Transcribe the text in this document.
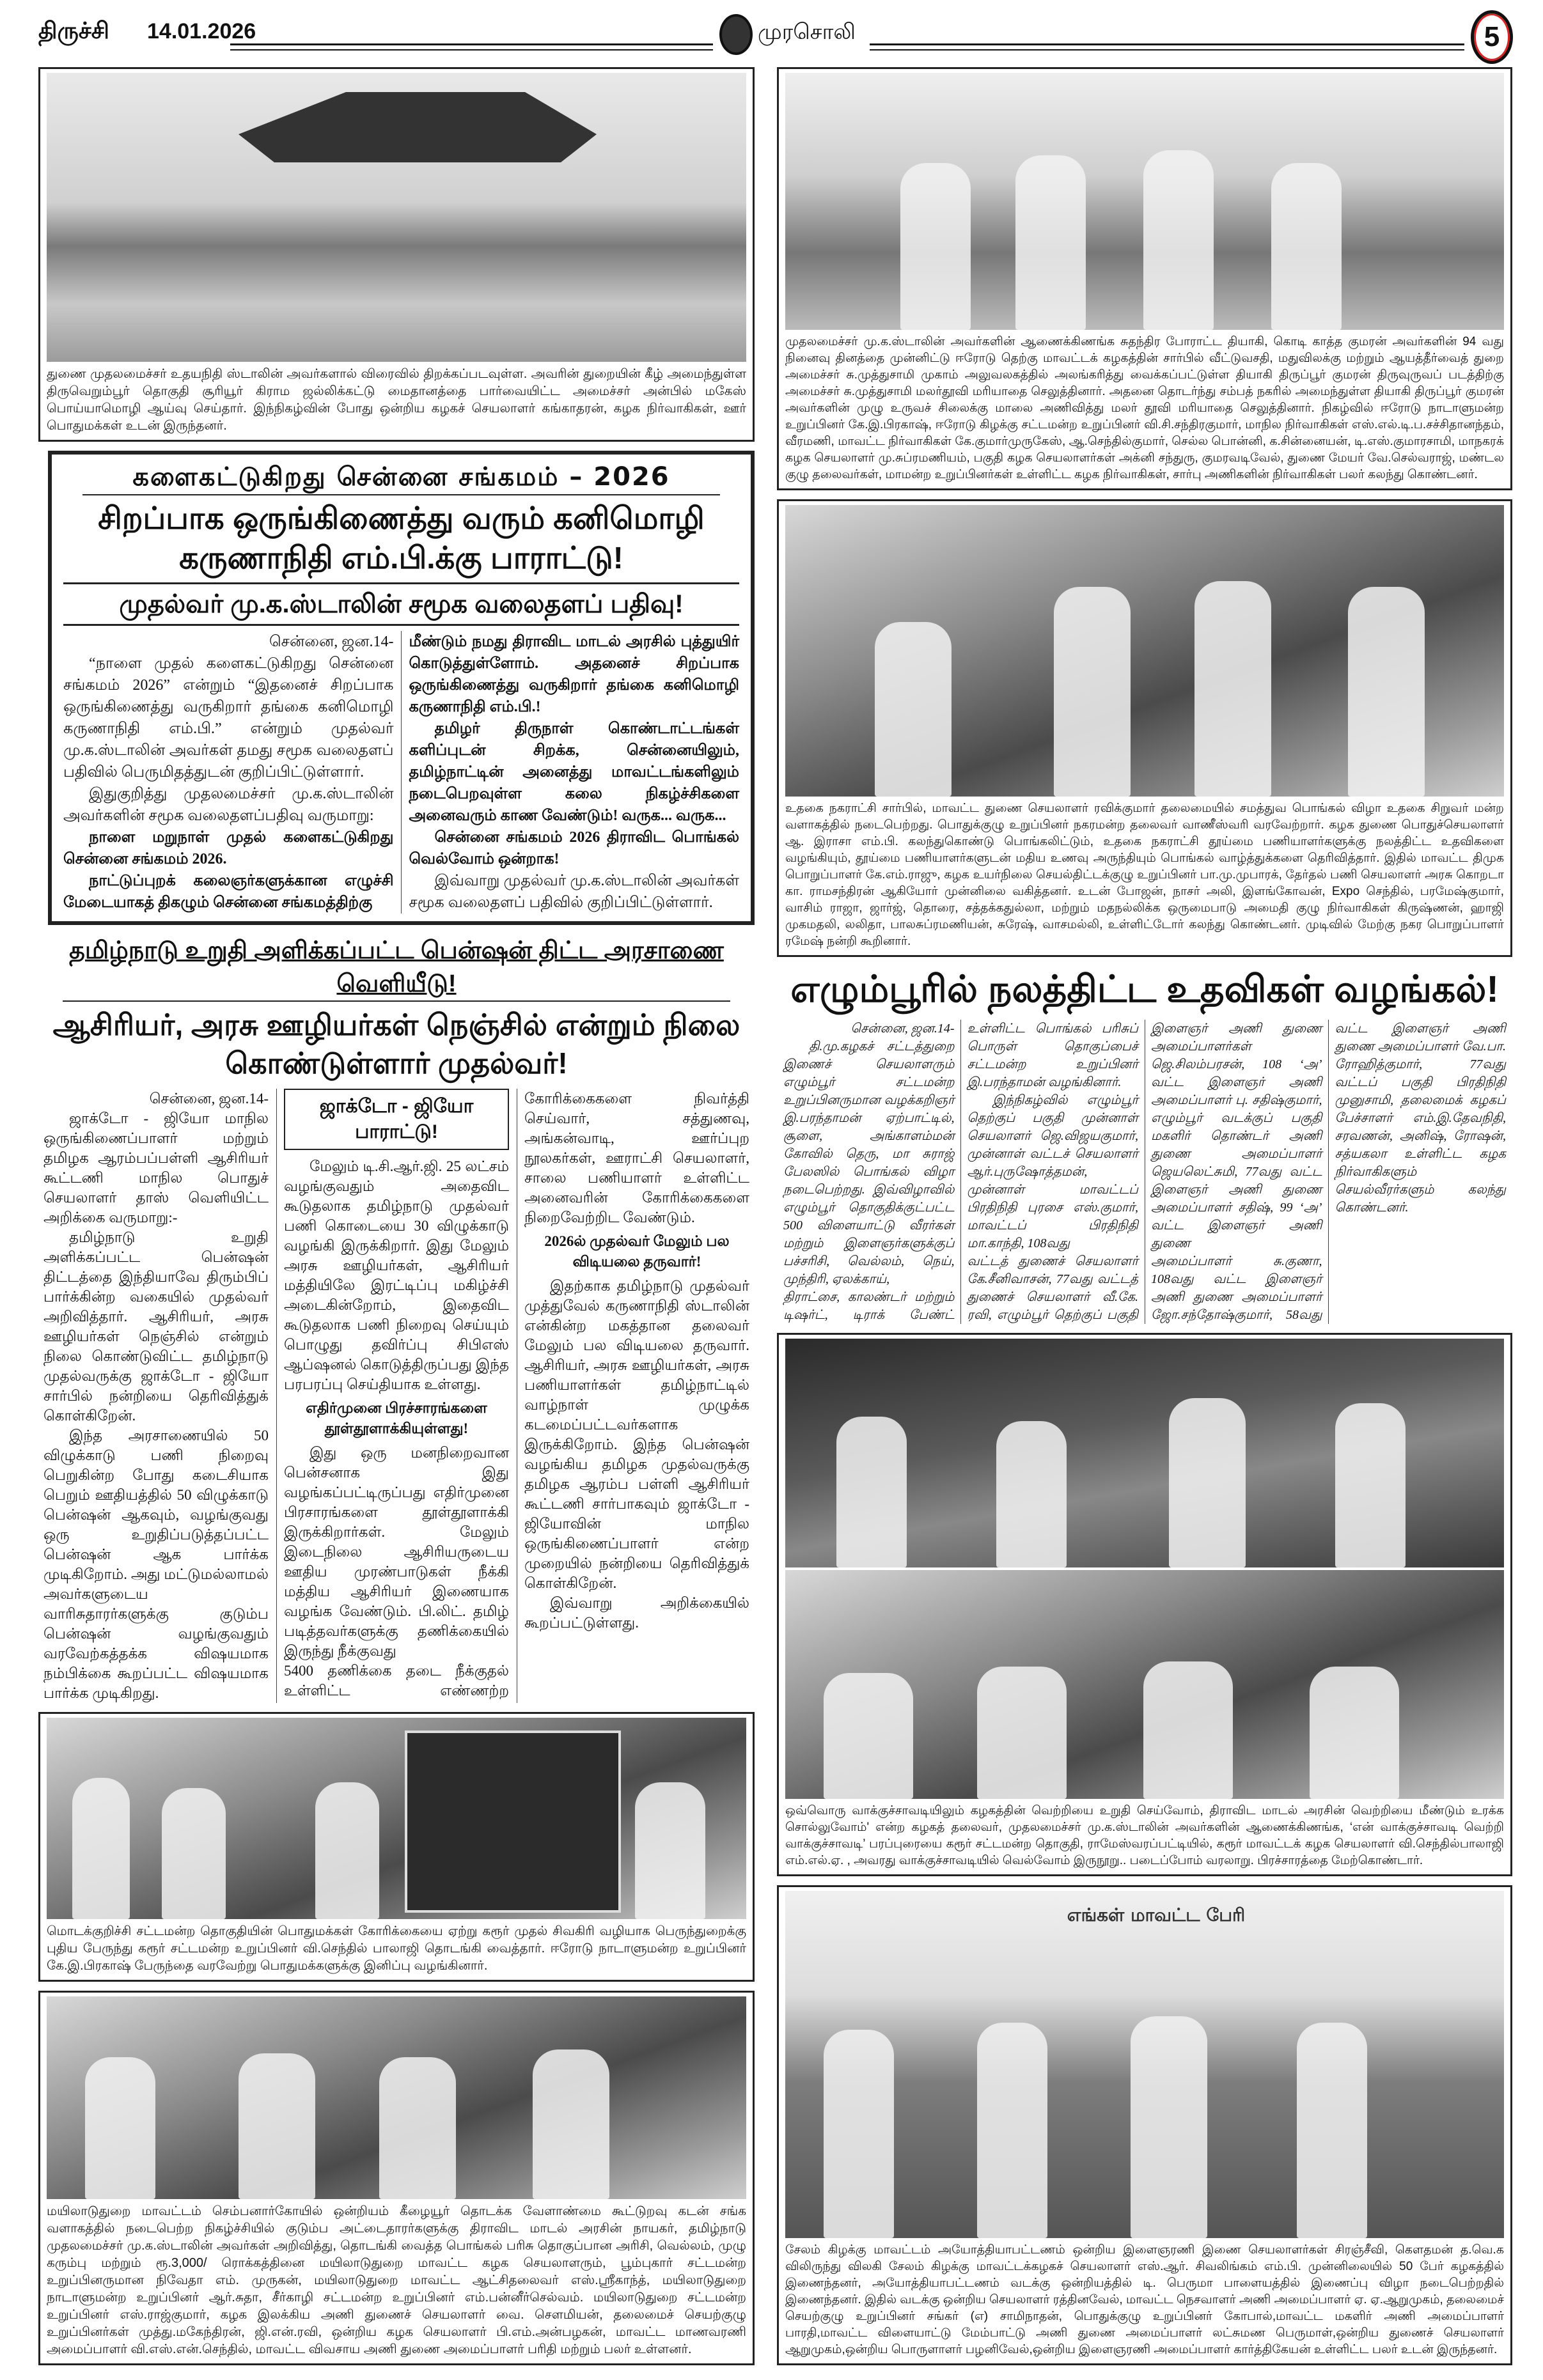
திருச்சி 14.01.2026	முரசொலி	5
துணை முதலமைச்சர் உதயநிதி ஸ்டாலின் அவர்களால் விரைவில் திறக்கப்படவுள்ள. அவரின் துறையின் கீழ் அமைந்துள்ள திருவெறும்பூர் தொகுதி சூரியூர் கிராம ஜல்லிக்கட்டு மைதானத்தை பார்வையிட்ட அமைச்சர் அன்பில் மகேஸ் பொய்யாமொழி ஆய்வு செய்தார். இந்நிகழ்வின் போது ஒன்றிய கழகச் செயலாளர் கங்காதரன், கழக நிர்வாகிகள், ஊர் பொதுமக்கள் உடன் இருந்தனர்.
களைகட்டுகிறது சென்னை சங்கமம் – 2026
சிறப்பாக ஒருங்கிணைத்து வரும் கனிமொழி கருணாநிதி எம்.பி.க்கு பாராட்டு!
முதல்வர் மு.க.ஸ்டாலின் சமூக வலைதளப் பதிவு!

சென்னை, ஜன.14-

“நாளை முதல் களைகட்டுகிறது சென்னை சங்கமம் 2026” என்றும் “இதனைச் சிறப்பாக ஒருங்கிணைத்து வருகிறார் தங்கை கனிமொழி கருணாநிதி எம்.பி.” என்றும் முதல்வர் மு.க.ஸ்டாலின் அவர்கள் தமது சமூக வலைதளப் பதிவில் பெருமிதத்துடன் குறிப்பிட்டுள்ளார்.

இதுகுறித்து முதலமைச்சர் மு.க.ஸ்டாலின் அவர்களின் சமூக வலைதளப்பதிவு வருமாறு:

நாளை மறுநாள் முதல் களைகட்டுகிறது சென்னை சங்கமம் 2026.

நாட்டுப்புறக் கலைஞர்களுக்கான எழுச்சி மேடையாகத் திகழும் சென்னை சங்கமத்திற்கு

மீண்டும் நமது திராவிட மாடல் அரசில் புத்துயிர் கொடுத்துள்ளோம். அதனைச் சிறப்பாக ஒருங்கிணைத்து வருகிறார் தங்கை கனிமொழி கருணாநிதி எம்.பி.!

தமிழர் திருநாள் கொண்டாட்டங்கள் களிப்புடன் சிறக்க, சென்னையிலும், தமிழ்நாட்டின் அனைத்து மாவட்டங்களிலும் நடைபெறவுள்ள கலை நிகழ்ச்சிகளை அனைவரும் காண வேண்டும்! வருக... வருக...

சென்னை சங்கமம் 2026 திராவிட பொங்கல் வெல்வோம் ஒன்றாக!

இவ்வாறு முதல்வர் மு.க.ஸ்டாலின் அவர்கள் சமூக வலைதளப் பதிவில் குறிப்பிட்டுள்ளார்.

தமிழ்நாடு உறுதி அளிக்கப்பட்ட பென்ஷன் திட்ட அரசாணை வெளியீடு!
ஆசிரியர், அரசு ஊழியர்கள் நெஞ்சில் என்றும் நிலை கொண்டுள்ளார் முதல்வர்!

சென்னை, ஜன.14-

ஜாக்டோ - ஜியோ மாநில ஒருங்கிணைப்பாளர் மற்றும் தமிழக ஆரம்பப்பள்ளி ஆசிரியர் கூட்டணி மாநில பொதுச் செயலாளர் தாஸ் வெளியிட்ட அறிக்கை வருமாறு:-

தமிழ்நாடு உறுதி அளிக்கப்பட்ட பென்ஷன் திட்டத்தை இந்தியாவே திரும்பிப் பார்க்கின்ற வகையில் முதல்வர் அறிவித்தார். ஆசிரியர், அரசு ஊழியர்கள் நெஞ்சில் என்றும் நிலை கொண்டுவிட்ட தமிழ்நாடு முதல்வருக்கு ஜாக்டோ - ஜியோ சார்பில் நன்றியை தெரிவித்துக் கொள்கிறேன்.

இந்த அரசாணையில் 50 விழுக்காடு பணி நிறைவு பெறுகின்ற போது கடைசியாக பெறும் ஊதியத்தில் 50 விழுக்காடு பென்ஷன் ஆகவும், வழங்குவது ஒரு உறுதிப்படுத்தப்பட்ட பென்ஷன் ஆக பார்க்க முடிகிறோம். அது மட்டுமல்லாமல் அவர்களுடைய வாரிசுதாரர்களுக்கு குடும்ப பென்ஷன் வழங்குவதும் வரவேற்கத்தக்க விஷயமாக நம்பிக்கை கூறப்பட்ட விஷயமாக பார்க்க முடிகிறது.

ஜாக்டோ - ஜியோ பாராட்டு!

மேலும் டி.சி.ஆர்.ஜி. 25 லட்சம் வழங்குவதும் அதைவிட கூடுதலாக தமிழ்நாடு முதல்வர் பணி கொடையை 30 விழுக்காடு வழங்கி இருக்கிறார். இது மேலும் அரசு ஊழியர்கள், ஆசிரியர் மத்தியிலே இரட்டிப்பு மகிழ்ச்சி அடைகின்றோம், இதைவிட கூடுதலாக பணி நிறைவு செய்யும் பொழுது தவிர்ப்பு சிபிஎஸ் ஆப்ஷனல் கொடுத்திருப்பது இந்த பரபரப்பு செய்தியாக உள்ளது.

எதிர்முனை பிரச்சாரங்களை தூள்தூளாக்கியுள்ளது!

இது ஒரு மனநிறைவான பென்சனாக இது வழங்கப்பட்டிருப்பது எதிர்முனை பிரசாரங்களை தூள்தூளாக்கி இருக்கிறார்கள். மேலும் இடைநிலை ஆசிரியருடைய ஊதிய முரண்பாடுகள் நீக்கி மத்திய ஆசிரியர் இணையாக வழங்க வேண்டும். பி.லிட். தமிழ் படித்தவர்களுக்கு தணிக்கையில் இருந்து நீக்குவது

5400 தணிக்கை தடை நீக்குதல் உள்ளிட்ட எண்ணற்ற கோரிக்கைகளை நிவர்த்தி செய்வார், சத்துணவு, அங்கன்வாடி, ஊர்ப்புற நூலகர்கள், ஊராட்சி செயலாளர், சாலை பணியாளர் உள்ளிட்ட அனைவரின் கோரிக்கைகளை நிறைவேற்றிட வேண்டும்.

2026ல் முதல்வர் மேலும் பல விடியலை தருவார்!

இதற்காக தமிழ்நாடு முதல்வர் முத்துவேல் கருணாநிதி ஸ்டாலின் என்கின்ற மகத்தான தலைவர் மேலும் பல விடியலை தருவார். ஆசிரியர், அரசு ஊழியர்கள், அரசு பணியாளர்கள் தமிழ்நாட்டில் வாழ்நாள் முழுக்க கடமைப்பட்டவர்களாக இருக்கிறோம். இந்த பென்ஷன் வழங்கிய தமிழக முதல்வருக்கு தமிழக ஆரம்ப பள்ளி ஆசிரியர் கூட்டணி சார்பாகவும் ஜாக்டோ - ஜியோவின் மாநில ஒருங்கிணைப்பாளர் என்ற முறையில் நன்றியை தெரிவித்துக் கொள்கிறேன்.

இவ்வாறு அறிக்கையில் கூறப்பட்டுள்ளது.

மொடக்குறிச்சி சட்டமன்ற தொகுதியின் பொதுமக்கள் கோரிக்கையை ஏற்று கரூர் முதல் சிவகிரி வழியாக பெருந்துறைக்கு புதிய பேருந்து கரூர் சட்டமன்ற உறுப்பினர் வி.செந்தில் பாலாஜி தொடங்கி வைத்தார். ஈரோடு நாடாளுமன்ற உறுப்பினர் கே.இ.பிரகாஷ் பேருந்தை வரவேற்று பொதுமக்களுக்கு இனிப்பு வழங்கினார்.
மயிலாடுதுறை மாவட்டம் செம்பனார்கோயில் ஒன்றியம் கீழையூர் தொடக்க வேளாண்மை கூட்டுறவு கடன் சங்க வளாகத்தில் நடைபெற்ற நிகழ்ச்சியில் குடும்ப அட்டைதாரர்களுக்கு திராவிட மாடல் அரசின் நாயகர், தமிழ்நாடு முதலமைச்சர் மு.க.ஸ்டாலின் அவர்கள் அறிவித்து, தொடங்கி வைத்த பொங்கல் பரிசு தொகுப்பான அரிசி, வெல்லம், முழு கரும்பு மற்றும் ரூ.3,000/ ரொக்கத்தினை மயிலாடுதுறை மாவட்ட கழக செயலாளரும், பூம்புகார் சட்டமன்ற உறுப்பினருமான நிவேதா எம். முருகன், மயிலாடுதுறை மாவட்ட ஆட்சிதலைவர் எஸ்.ஸ்ரீகாந்த், மயிலாடுதுறை நாடாளுமன்ற உறுப்பினர் ஆர்.சுதா, சீர்காழி சட்டமன்ற உறுப்பினர் எம்.பன்னீர்செல்வம். மயிலாடுதுறை சட்டமன்ற உறுப்பினர் எஸ்.ராஜ்குமார், கழக இலக்கிய அணி துணைச் செயலாளர் வை. சௌமியன், தலைமைச் செயற்குழு உறுப்பினர்கள் முத்து.மகேந்திரன், ஜி.என்.ரவி, ஒன்றிய கழக செயலாளர் பி.எம்.அன்பழகன், மாவட்ட மாணவரணி அமைப்பாளர் வி.எஸ்.என்.செந்தில், மாவட்ட விவசாய அணி துணை அமைப்பாளர் பரிதி மற்றும் பலர் உள்ளனர்.
முதலமைச்சர் மு.க.ஸ்டாலின் அவர்களின் ஆணைக்கிணங்க சுதந்திர போராட்ட தியாகி, கொடி காத்த குமரன் அவர்களின் 94 வது நினைவு தினத்தை முன்னிட்டு ஈரோடு தெற்கு மாவட்டக் கழகத்தின் சார்பில் வீட்டுவசதி, மதுவிலக்கு மற்றும் ஆயத்தீர்வைத் துறை அமைச்சர் சு.முத்துசாமி முகாம் அலுவலகத்தில் அலங்கரித்து வைக்கப்பட்டுள்ள தியாகி திருப்பூர் குமரன் திருவுருவப் படத்திற்கு அமைச்சர் சு.முத்துசாமி மலர்தூவி மரியாதை செலுத்தினார். அதனை தொடர்ந்து சம்பத் நகரில் அமைந்துள்ள தியாகி திருப்பூர் குமரன் அவர்களின் முழு உருவச் சிலைக்கு மாலை அணிவித்து மலர் தூவி மரியாதை செலுத்தினார். நிகழ்வில் ஈரோடு நாடாளுமன்ற உறுப்பினர் கே.இ.பிரகாஷ், ஈரோடு கிழக்கு சட்டமன்ற உறுப்பினர் வி.சி.சந்திரகுமார், மாநில நிர்வாகிகள் எஸ்.எல்.டி.ப.சச்சிதானந்தம், வீரமணி, மாவட்ட நிர்வாகிகள் கே.குமார்முருகேஸ், ஆ.செந்தில்குமார், செல்ல பொன்னி, க.சின்னையன், டி.எஸ்.குமாரசாமி, மாநகரக் கழக செயலாளர் மு.சுப்ரமணியம், பகுதி கழக செயலாளர்கள் அக்னி சந்துரு, குமரவடிவேல், துணை மேயர் வே.செல்வராஜ், மண்டல குழு தலைவர்கள், மாமன்ற உறுப்பினர்கள் உள்ளிட்ட கழக நிர்வாகிகள், சார்பு அணிகளின் நிர்வாகிகள் பலர் கலந்து கொண்டனர்.
உதகை நகராட்சி சார்பில், மாவட்ட துணை செயலாளர் ரவிக்குமார் தலைமையில் சமத்துவ பொங்கல் விழா உதகை சிறுவர் மன்ற வளாகத்தில் நடைபெற்றது. பொதுக்குழு உறுப்பினர் நகரமன்ற தலைவர் வாணீஸ்வரி வரவேற்றார். கழக துணை பொதுச்செயலாளர் ஆ. இராசா எம்.பி. கலந்துகொண்டு பொங்கலிட்டும், உதகை நகராட்சி தூய்மை பணியாளர்களுக்கு நலத்திட்ட உதவிகளை வழங்கியும், தூய்மை பணியாளர்களுடன் மதிய உணவு அருந்தியும் பொங்கல் வாழ்த்துக்களை தெரிவித்தார். இதில் மாவட்ட திமுக பொறுப்பாளர் கே.எம்.ராஜு, கழக உயர்நிலை செயல்திட்டக்குழு உறுப்பினர் பா.மு.முபாரக், தேர்தல் பணி செயலாளர் அரசு கொறடா கா. ராமசந்திரன் ஆகியோர் முன்னிலை வகித்தனர். உடன் போஜன், நாசர் அலி, இளங்கோவன், Expo செந்தில், பரமேஷ்குமார், வாசிம் ராஜா, ஜார்ஜ், தொரை, சத்தக்கதுல்லா, மற்றும் மதநல்லிக்க ஒருமைபாடு அமைதி குழு நிர்வாகிகள் கிருஷ்ணன், ஹாஜி முகமதலி, லலிதா, பாலசுப்ரமணியன், சுரேஷ், வாசமல்லி, உள்ளிட்டோர் கலந்து கொண்டனர். முடிவில் மேற்கு நகர பொறுப்பாளர் ரமேஷ் நன்றி கூறினார்.
எழும்பூரில் நலத்திட்ட உதவிகள் வழங்கல்!

சென்னை, ஜன.14-

தி.மு.கழகச் சட்டத்துறை இணைச் செயலாளரும் எழும்பூர் சட்டமன்ற உறுப்பினருமான வழக்கறிஞர் இ.பரந்தாமன் ஏற்பாட்டில், சூளை, அங்காளம்மன் கோவில் தெரு, மா சுராஜ் பேலஸில் பொங்கல் விழா நடைபெற்றது. இவ்விழாவில் எழும்பூர் தொகுதிக்குட்பட்ட 500 விளையாட்டு வீரர்கள் மற்றும் இளைஞர்களுக்குப் பச்சரிசி, வெல்லம், நெய், முந்திரி, ஏலக்காய்,

திராட்சை, காலண்டர் மற்றும் டிஷர்ட், டிராக் பேண்ட் உள்ளிட்ட பொங்கல் பரிசுப் பொருள் தொகுப்பைச் சட்டமன்ற உறுப்பினர் இ.பரந்தாமன் வழங்கினார்.

இந்நிகழ்வில் எழும்பூர் தெற்குப் பகுதி முன்னாள் செயலாளர் ஜெ.விஜயகுமார், முன்னாள் வட்டச் செயலாளர் ஆர்.புருஷோத்தமன், முன்னாள் மாவட்டப் பிரதிநிதி புரசை எஸ்.குமார், மாவட்டப் பிரதிநிதி மா.காந்தி, 108வது

வட்டத் துணைச் செயலாளர் கே.சீனிவாசன், 77வது வட்டத் துணைச் செயலாளர் வீ.கே. ரவி, எழும்பூர் தெற்குப் பகுதி இளைஞர் அணி துணை அமைப்பாளர்கள் ஜெ.சிலம்பரசன், 108 ‘அ’ வட்ட இளைஞர் அணி அமைப்பாளர் பு. சதிஷ்குமார், எழும்பூர் வடக்குப் பகுதி மகளிர் தொண்டர் அணி துணை அமைப்பாளர் ஜெயலெட்சுமி, 77வது வட்ட இளைஞர் அணி துணை அமைப்பாளர் சதிஷ், 99 ‘அ’ வட்ட இளைஞர் அணி துணை

அமைப்பாளர் சு.குணா, 108வது வட்ட இளைஞர் அணி துணை அமைப்பாளர் ஜோ.சந்தோஷ்குமார், 58வது வட்ட இளைஞர் அணி துணை அமைப்பாளர் வே.பா. ரோஹித்குமார், 77வது வட்டப் பகுதி பிரதிநிதி முனுசாமி, தலைமைக் கழகப் பேச்சாளர் எம்.இ.தேவநிதி, சரவணன், அனிஷ், ரோஷன், சத்யகலா உள்ளிட்ட கழக நிர்வாகிகளும் செயல்வீரர்களும் கலந்து கொண்டனர்.

ஒவ்வொரு வாக்குச்சாவடியிலும் கழகத்தின் வெற்றியை உறுதி செய்வோம், திராவிட மாடல் அரசின் வெற்றியை மீண்டும் உரக்க சொல்லுவோம்' என்ற கழகத் தலைவர், முதலமைச்சர் மு.க.ஸ்டாலின் அவர்களின் ஆணைக்கிணங்க, ‘என் வாக்குச்சாவடி வெற்றி வாக்குச்சாவடி’ பரப்புரையை கரூர் சட்டமன்ற தொகுதி, ராமேஸ்வரப்பட்டியில், கரூர் மாவட்டக் கழக செயலாளர் வி.செந்தில்பாலாஜி எம்.எல்.ஏ. , அவரது வாக்குச்சாவடியில் வெல்வோம் இருநூறு.. படைப்போம் வரலாறு. பிரச்சாரத்தை மேற்கொண்டார்.
எங்கள் மாவட்ட பேரி
சேலம் கிழக்கு மாவட்டம் அயோத்தியாபட்டணம் ஒன்றிய இளைஞரணி இணை செயலாளர்கள் சிரஞ்சீவி, கௌதமன் த.வெ.க விலிருந்து விலகி சேலம் கிழக்கு மாவட்டக்கழகச் செயலாளர் எஸ்.ஆர். சிவலிங்கம் எம்.பி. முன்னிலையில் 50 பேர் கழகத்தில் இணைந்தனர், அயோத்தியாபட்டணம் வடக்கு ஒன்றியத்தில் டி. பெருமா பாளையத்தில் இணைப்பு விழா நடைபெற்றதில் இணைந்தனர். இதில் வடக்கு ஒன்றிய செயலாளர் ரத்தினவேல், மாவட்ட நெசவாளர் அணி அமைப்பாளர் ஏ. ஏ.ஆறுமுகம், தலைமைச் செயற்குழு உறுப்பினர் சங்கர் (எ) சாமிநாதன், பொதுக்குழு உறுப்பினர் கோபால்,மாவட்ட மகளிர் அணி அமைப்பாளர் பாரதி,மாவட்ட விளையாட்டு மேம்பாட்டு அணி துணை அமைப்பாளர் லட்சுமண பெருமாள்,ஒன்றிய துணைச் செயலாளர் ஆறுமுகம்,ஒன்றிய பொருளாளர் பழனிவேல்,ஒன்றிய இளைஞரணி அமைப்பாளர் கார்த்திகேயன் உள்ளிட்ட பலர் உடன் இருந்தனர்.
